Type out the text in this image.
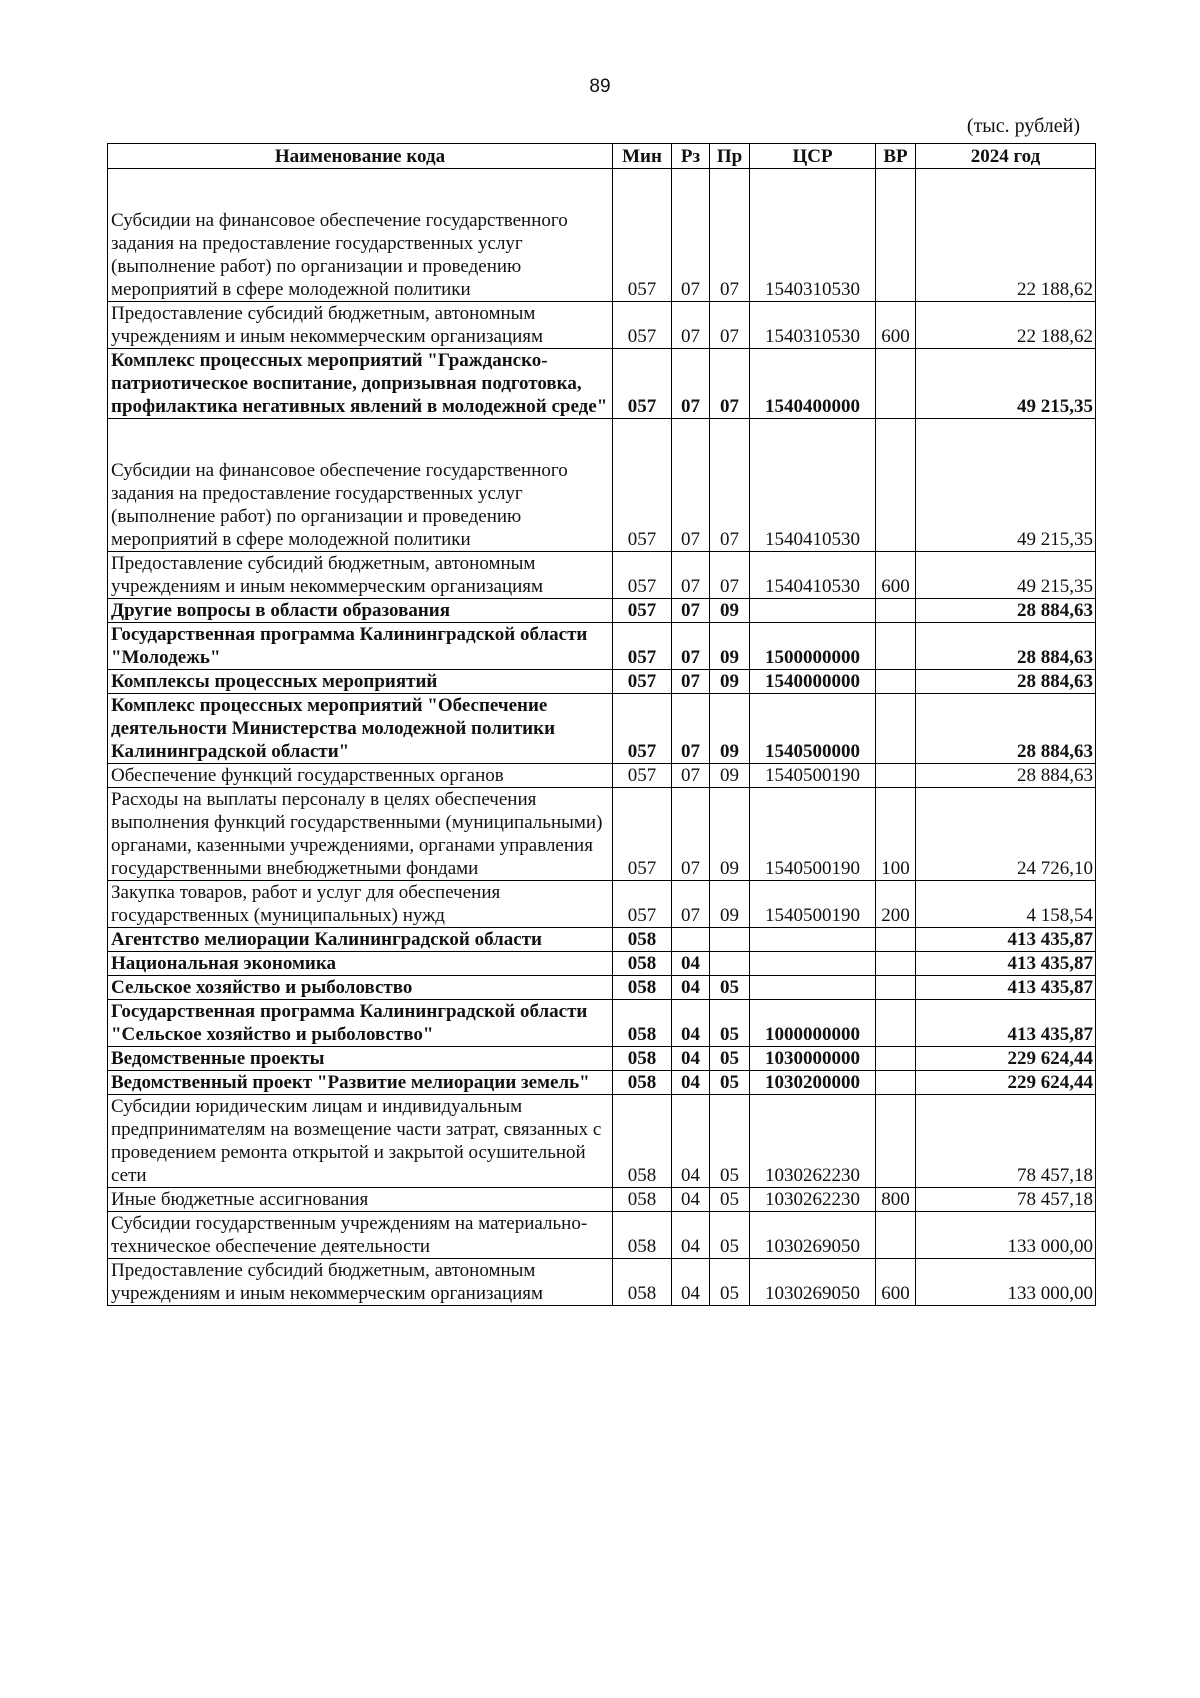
89
(тыс. рублей)
Наименование кода	Мин	Рз	Пр	ЦСР	ВР	2024 год
Субсидии на финансовое обеспечение государственного задания на предоставление государственных услуг (выполнение работ) по организации и проведению мероприятий в сфере молодежной политики	057	07	07	1540310530		22 188,62
Предоставление субсидий бюджетным, автономным учреждениям и иным некоммерческим организациям	057	07	07	1540310530	600	22 188,62
Комплекс процессных мероприятий "Гражданско-патриотическое воспитание, допризывная подготовка, профилактика негативных явлений в молодежной среде"	057	07	07	1540400000		49 215,35
Субсидии на финансовое обеспечение государственного задания на предоставление государственных услуг (выполнение работ) по организации и проведению мероприятий в сфере молодежной политики	057	07	07	1540410530		49 215,35
Предоставление субсидий бюджетным, автономным учреждениям и иным некоммерческим организациям	057	07	07	1540410530	600	49 215,35
Другие вопросы в области образования	057	07	09			28 884,63
Государственная программа Калининградской области "Молодежь"	057	07	09	1500000000		28 884,63
Комплексы процессных мероприятий	057	07	09	1540000000		28 884,63
Комплекс процессных мероприятий "Обеспечение деятельности Министерства молодежной политики Калининградской области"	057	07	09	1540500000		28 884,63
Обеспечение функций государственных органов	057	07	09	1540500190		28 884,63
Расходы на выплаты персоналу в целях обеспечения выполнения функций государственными (муниципальными) органами, казенными учреждениями, органами управления государственными внебюджетными фондами	057	07	09	1540500190	100	24 726,10
Закупка товаров, работ и услуг для обеспечения государственных (муниципальных) нужд	057	07	09	1540500190	200	4 158,54
Агентство мелиорации Калининградской области	058					413 435,87
Национальная экономика	058	04				413 435,87
Сельское хозяйство и рыболовство	058	04	05			413 435,87
Государственная программа Калининградской области "Сельское хозяйство и рыболовство"	058	04	05	1000000000		413 435,87
Ведомственные проекты	058	04	05	1030000000		229 624,44
Ведомственный проект "Развитие мелиорации земель"	058	04	05	1030200000		229 624,44
Субсидии юридическим лицам и индивидуальным предпринимателям на возмещение части затрат, связанных с проведением ремонта открытой и закрытой осушительной сети	058	04	05	1030262230		78 457,18
Иные бюджетные ассигнования	058	04	05	1030262230	800	78 457,18
Субсидии государственным учреждениям на материально-техническое обеспечение деятельности	058	04	05	1030269050		133 000,00
Предоставление субсидий бюджетным, автономным учреждениям и иным некоммерческим организациям	058	04	05	1030269050	600	133 000,00
